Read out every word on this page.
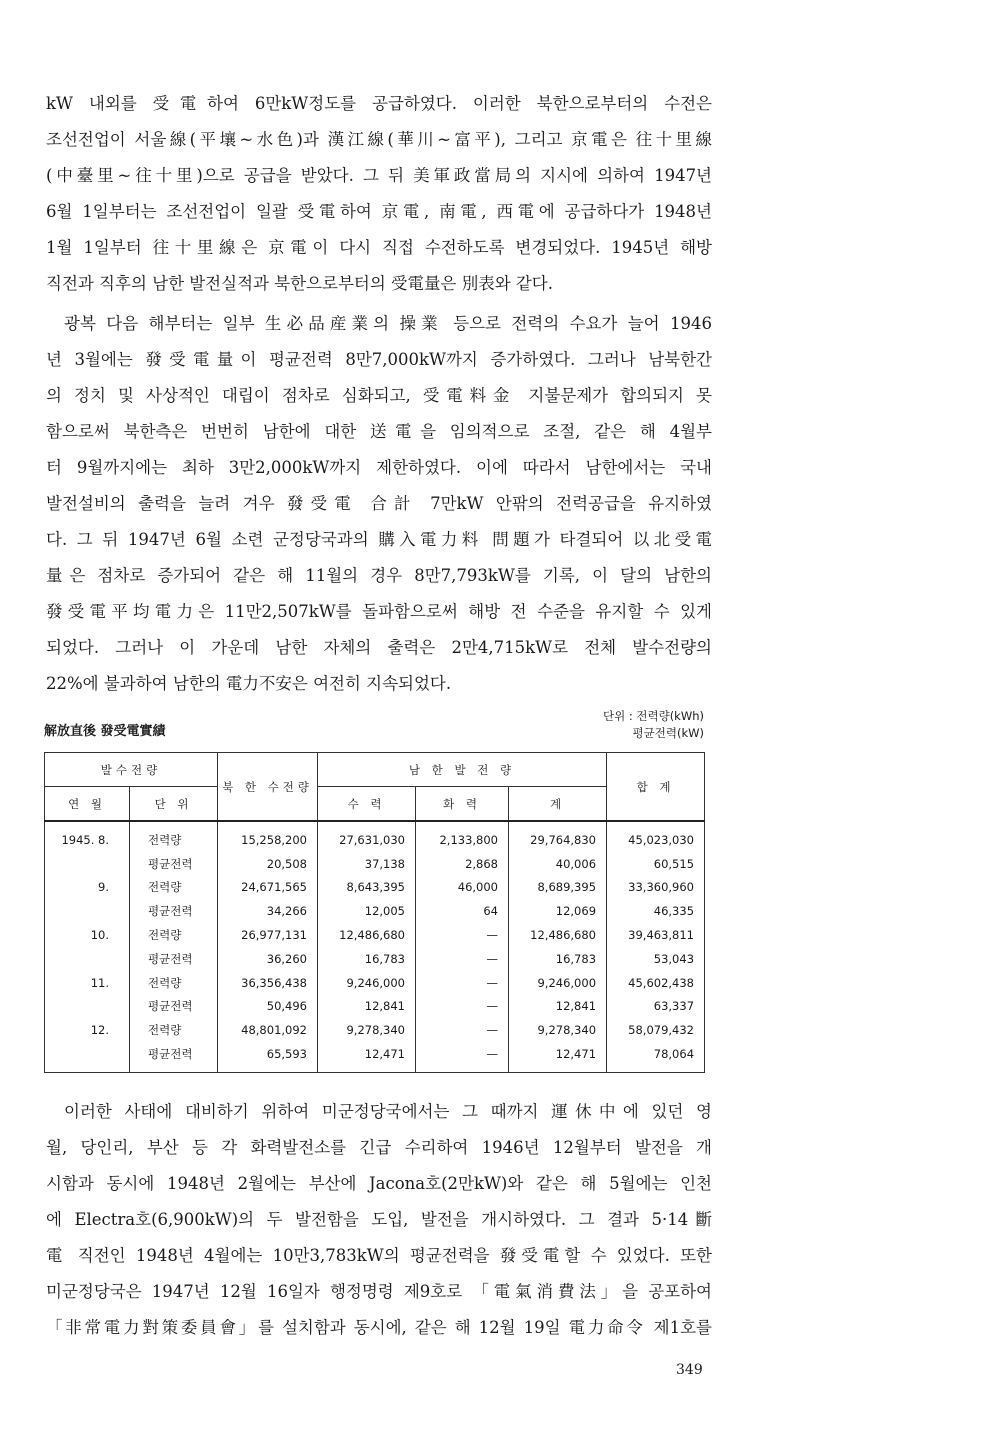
kW 내외를 受電하여 6만kW정도를 공급하였다. 이러한 북한으로부터의 수전은
조선전업이 서울線(平壤~水色)과 漢江線(華川~富平), 그리고 京電은 往十里線
(中臺里~往十里)으로 공급을 받았다. 그 뒤 美軍政當局의 지시에 의하여 1947년
6월 1일부터는 조선전업이 일괄 受電하여 京電, 南電, 西電에 공급하다가 1948년
1월 1일부터 往十里線은 京電이 다시 직접 수전하도록 변경되었다. 1945년 해방
직전과 직후의 남한 발전실적과 북한으로부터의 受電量은 別表와 같다.
광복 다음 해부터는 일부 生必品産業의 操業 등으로 전력의 수요가 늘어 1946
년 3월에는 發受電量이 평균전력 8만7,000kW까지 증가하였다. 그러나 남북한간
의 정치 및 사상적인 대립이 점차로 심화되고, 受電料金 지불문제가 합의되지 못
함으로써 북한측은 번번히 남한에 대한 送電을 임의적으로 조절, 같은 해 4월부
터 9월까지에는 최하 3만2,000kW까지 제한하였다. 이에 따라서 남한에서는 국내
발전설비의 출력을 늘려 겨우 發受電 合計 7만kW 안팎의 전력공급을 유지하였
다. 그 뒤 1947년 6월 소련 군정당국과의 購入電力料 問題가 타결되어 以北受電
量은 점차로 증가되어 같은 해 11월의 경우 8만7,793kW를 기록, 이 달의 남한의
發受電平均電力은 11만2,507kW를 돌파함으로써 해방 전 수준을 유지할 수 있게
되었다. 그러나 이 가운데 남한 자체의 출력은 2만4,715kW로 전체 발수전량의
22%에 불과하여 남한의 電力不安은 여전히 지속되었다.
解放直後 發受電實績
단위 : 전력량(kWh)
평균전력(kW)
발수전량		북 한 수전량	남 한 발 전 량			합 계
연 월	단 위		수 력	화 력	계	
1945. 8.	전력량	15,258,200	27,631,030	2,133,800	29,764,830	45,023,030
	평균전력	20,508	37,138	2,868	40,006	60,515
9.	전력량	24,671,565	8,643,395	46,000	8,689,395	33,360,960
	평균전력	34,266	12,005	64	12,069	46,335
10.	전력량	26,977,131	12,486,680	—	12,486,680	39,463,811
	평균전력	36,260	16,783	—	16,783	53,043
11.	전력량	36,356,438	9,246,000	—	9,246,000	45,602,438
	평균전력	50,496	12,841	—	12,841	63,337
12.	전력량	48,801,092	9,278,340	—	9,278,340	58,079,432
	평균전력	65,593	12,471	—	12,471	78,064
이러한 사태에 대비하기 위하여 미군정당국에서는 그 때까지 運休中에 있던 영
월, 당인리, 부산 등 각 화력발전소를 긴급 수리하여 1946년 12월부터 발전을 개
시함과 동시에 1948년 2월에는 부산에 Jacona호(2만kW)와 같은 해 5월에는 인천
에 Electra호(6,900kW)의 두 발전함을 도입, 발전을 개시하였다. 그 결과 5·14斷
電 직전인 1948년 4월에는 10만3,783kW의 평균전력을 發受電할 수 있었다. 또한
미군정당국은 1947년 12월 16일자 행정명령 제9호로 「電氣消費法」을 공포하여
「非常電力對策委員會」를 설치함과 동시에, 같은 해 12월 19일 電力命令 제1호를
349
